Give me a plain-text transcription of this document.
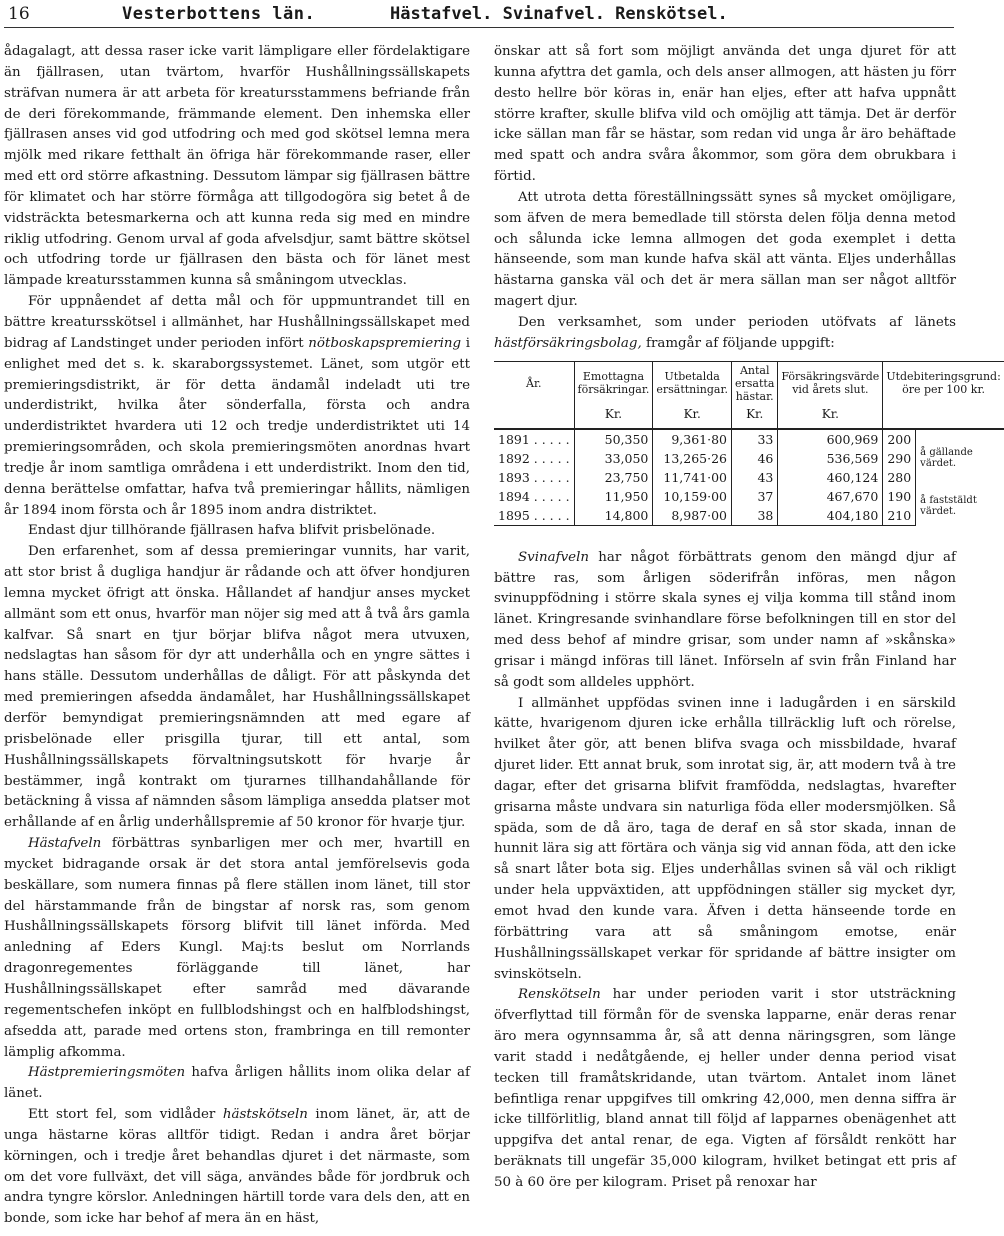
16	Vesterbottens län.	Hästafvel. Svinafvel. Renskötsel.

ådagalagt, att dessa raser icke varit lämpligare eller fördelaktigare än fjällrasen, utan tvärtom, hvarför Hushållningssällskapets sträfvan numera är att arbeta för kreatursstammens befriande från de deri förekommande, främmande element. Den inhemska eller fjällrasen anses vid god utfodring och med god skötsel lemna mera mjölk med rikare fetthalt än öfriga här förekommande raser, eller med ett ord större afkastning. Dessutom lämpar sig fjällrasen bättre för klimatet och har större förmåga att tillgodogöra sig betet å de vidsträckta betesmarkerna och att kunna reda sig med en mindre riklig utfodring. Genom urval af goda afvelsdjur, samt bättre skötsel och utfodring torde ur fjällrasen den bästa och för länet mest lämpade kreatursstammen kunna så småningom utvecklas.

För uppnåendet af detta mål och för uppmuntrandet till en bättre kreatursskötsel i allmänhet, har Hushållningssällskapet med bidrag af Landstinget under perioden infört nötboskapspremiering i enlighet med det s. k. skaraborgssystemet. Länet, som utgör ett premieringsdistrikt, är för detta ändamål indeladt uti tre underdistrikt, hvilka åter sönderfalla, första och andra underdistriktet hvardera uti 12 och tredje underdistriktet uti 14 premieringsområden, och skola premieringsmöten anordnas hvart tredje år inom samtliga områdena i ett underdistrikt. Inom den tid, denna berättelse omfattar, hafva två premieringar hållits, nämligen år 1894 inom första och år 1895 inom andra distriktet.

Endast djur tillhörande fjällrasen hafva blifvit prisbelönade.

Den erfarenhet, som af dessa premieringar vunnits, har varit, att stor brist å dugliga handjur är rådande och att öfver hondjuren lemna mycket öfrigt att önska. Hållandet af handjur anses mycket allmänt som ett onus, hvarför man nöjer sig med att å två års gamla kalfvar. Så snart en tjur börjar blifva något mera utvuxen, nedslagtas han såsom för dyr att underhålla och en yngre sättes i hans ställe. Dessutom underhållas de dåligt. För att påskynda det med premieringen afsedda ändamålet, har Hushållningssällskapet derför bemyndigat premieringsnämnden att med egare af prisbelönade eller prisgilla tjurar, till ett antal, som Hushållningssällskapets förvaltningsutskott för hvarje år bestämmer, ingå kontrakt om tjurarnes tillhandahållande för betäckning å vissa af nämnden såsom lämpliga ansedda platser mot erhållande af en årlig underhållspremie af 50 kronor för hvarje tjur.

Hästafveln förbättras synbarligen mer och mer, hvartill en mycket bidragande orsak är det stora antal jemförelsevis goda beskällare, som numera finnas på flere ställen inom länet, till stor del härstammande från de bingstar af norsk ras, som genom Hushållningssällskapets försorg blifvit till länet införda. Med anledning af Eders Kungl. Maj:ts beslut om Norrlands dragonregementes förläggande till länet, har Hushållningssällskapet efter samråd med dävarande regementschefen inköpt en fullblodshingst och en halfblodshingst, afsedda att, parade med ortens ston, frambringa en till remonter lämplig afkomma.

Hästpremieringsmöten hafva årligen hållits inom olika delar af länet.

Ett stort fel, som vidlåder hästskötseln inom länet, är, att de unga hästarne köras alltför tidigt. Redan i andra året börjar körningen, och i tredje året behandlas djuret i det närmaste, som om det vore fullväxt, det vill säga, användes både för jordbruk och andra tyngre körslor. Anledningen härtill torde vara dels den, att en bonde, som icke har behof af mera än en häst,

önskar att så fort som möjligt använda det unga djuret för att kunna afyttra det gamla, och dels anser allmogen, att hästen ju förr desto hellre bör köras in, enär han eljes, efter att hafva uppnått större krafter, skulle blifva vild och omöjlig att tämja. Det är derför icke sällan man får se hästar, som redan vid unga år äro behäftade med spatt och andra svåra åkommor, som göra dem obrukbara i förtid.

Att utrota detta föreställningssätt synes så mycket omöjligare, som äfven de mera bemedlade till största delen följa denna metod och sålunda icke lemna allmogen det goda exemplet i detta hänseende, som man kunde hafva skäl att vänta. Eljes underhållas hästarna ganska väl och det är mera sällan man ser något alltför magert djur.

Den verksamhet, som under perioden utöfvats af länets hästförsäkringsbolag, framgår af följande uppgift:

År.	Emottagna försäkringar.	Utbetalda ersättningar.	Antal ersatta hästar.	Försäkringsvärde vid årets slut.	Utdebiteringsgrund: öre per 100 kr.	
	Kr.	Kr.	Kr.	Kr.		
1891 . . . . .	50,350	9,361·80	33	600,969	200	å gällande värdet.
1892 . . . . .	33,050	13,265·26	46	536,569	290	
1893 . . . . .	23,750	11,741·00	43	460,124	280	
1894 . . . . .	11,950	10,159·00	37	467,670	190	å faststäldt värdet.
1895 . . . . .	14,800	8,987·00	38	404,180	210	

Svinafveln har något förbättrats genom den mängd djur af bättre ras, som årligen söderifrån införas, men någon svinuppfödning i större skala synes ej vilja komma till stånd inom länet. Kringresande svinhandlare förse befolkningen till en stor del med dess behof af mindre grisar, som under namn af »skånska» grisar i mängd införas till länet. Införseln af svin från Finland har så godt som alldeles upphört.

I allmänhet uppfödas svinen inne i ladugården i en särskild kätte, hvarigenom djuren icke erhålla tillräcklig luft och rörelse, hvilket åter gör, att benen blifva svaga och missbildade, hvaraf djuret lider. Ett annat bruk, som inrotat sig, är, att modern två à tre dagar, efter det grisarna blifvit framfödda, nedslagtas, hvarefter grisarna måste undvara sin naturliga föda eller modersmjölken. Så späda, som de då äro, taga de deraf en så stor skada, innan de hunnit lära sig att förtära och vänja sig vid annan föda, att den icke så snart låter bota sig. Eljes underhållas svinen så väl och rikligt under hela uppväxtiden, att uppfödningen ställer sig mycket dyr, emot hvad den kunde vara. Äfven i detta hänseende torde en förbättring vara att så småningom emotse, enär Hushållningssällskapet verkar för spridande af bättre insigter om svinskötseln.

Renskötseln har under perioden varit i stor utsträckning öfverflyttad till förmån för de svenska lapparne, enär deras renar äro mera ogynnsamma år, så att denna näringsgren, som länge varit stadd i nedåtgående, ej heller under denna period visat tecken till framåtskridande, utan tvärtom. Antalet inom länet befintliga renar uppgifves till omkring 42,000, men denna siffra är icke tillförlitlig, bland annat till följd af lapparnes obenägenhet att uppgifva det antal renar, de ega. Vigten af försåldt renkött har beräknats till ungefär 35,000 kilogram, hvilket betingat ett pris af 50 à 60 öre per kilogram. Priset på renoxar har
